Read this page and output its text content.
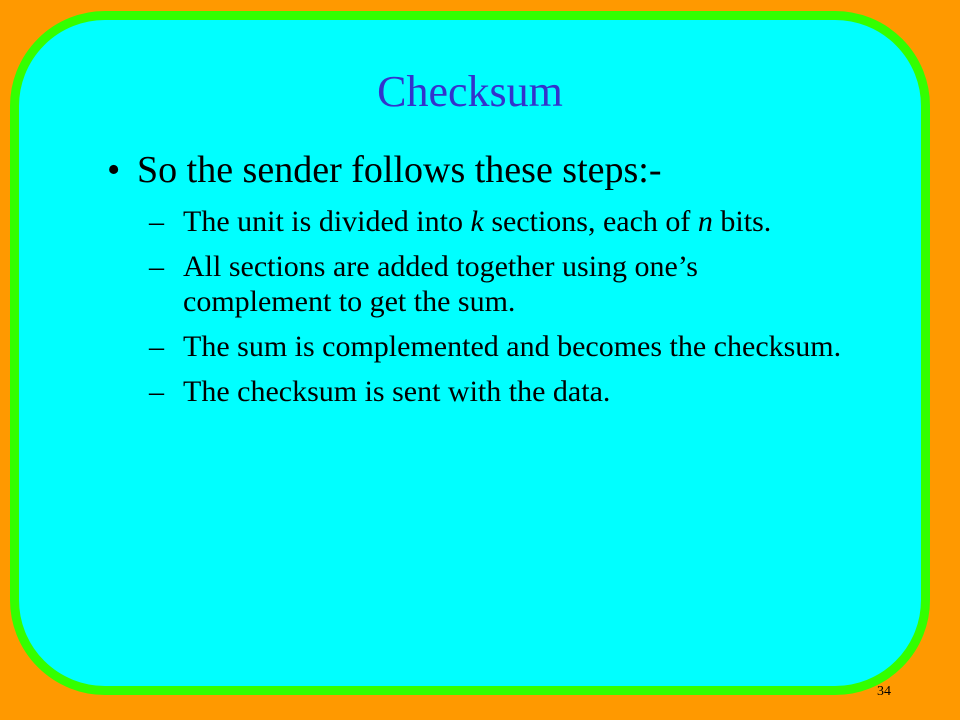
Checksum
• So the sender follows these steps:-
– The unit is divided into k sections, each of n bits.
– All sections are added together using one’s complement to get the sum.
– The sum is complemented and becomes the checksum.
– The checksum is sent with the data.
34
